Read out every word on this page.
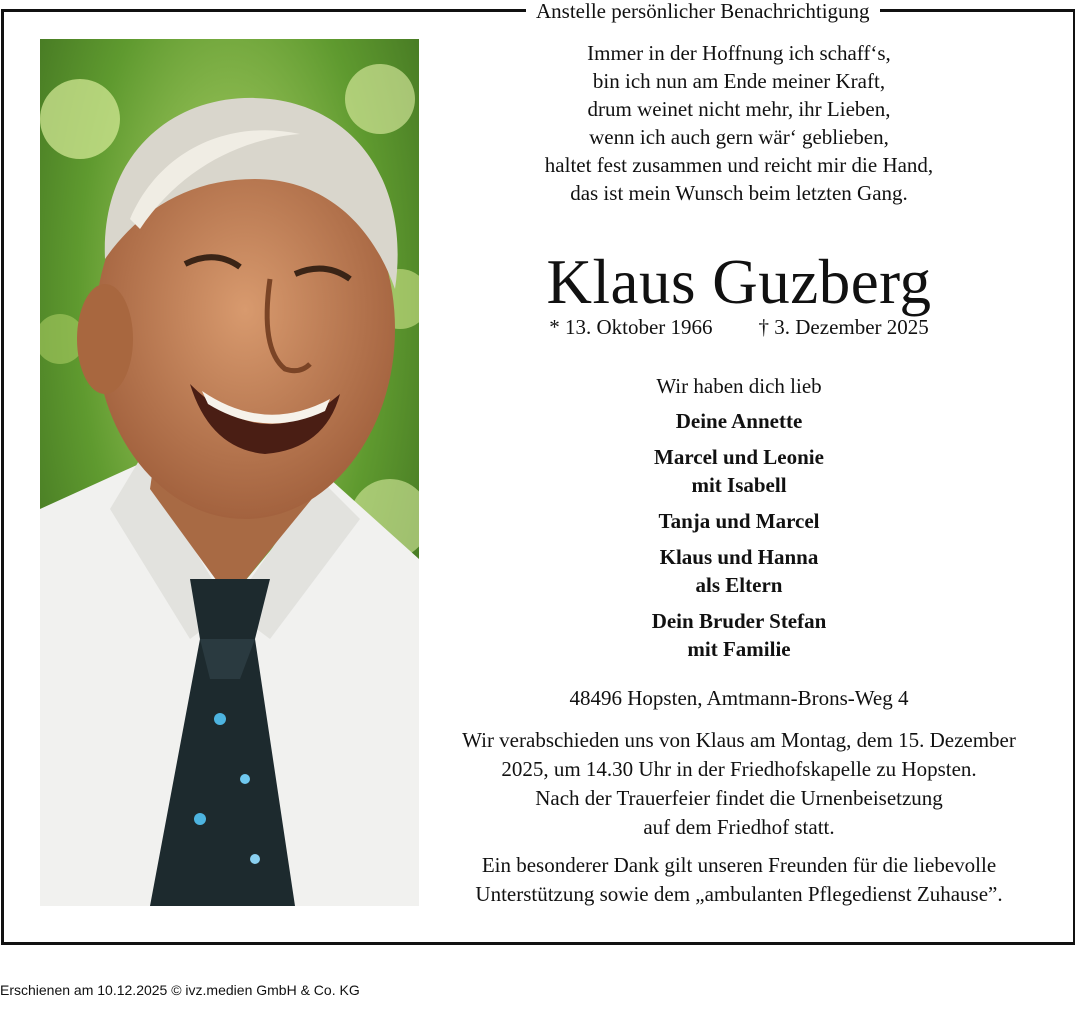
Anstelle persönlicher Benachrichtigung
Immer in der Hoffnung ich schaff‘s,
bin ich nun am Ende meiner Kraft,
drum weinet nicht mehr, ihr Lieben,
wenn ich auch gern wär‘ geblieben,
haltet fest zusammen und reicht mir die Hand,
das ist mein Wunsch beim letzten Gang.
Klaus Guzberg
* 13. Oktober 1966 † 3. Dezember 2025
Wir haben dich lieb
Deine Annette
Marcel und Leonie
mit Isabell
Tanja und Marcel
Klaus und Hanna
als Eltern
Dein Bruder Stefan
mit Familie
48496 Hopsten, Amtmann-Brons-Weg 4
Wir verabschieden uns von Klaus am Montag, dem 15. Dezember
2025, um 14.30 Uhr in der Friedhofskapelle zu Hopsten.
Nach der Trauerfeier findet die Urnenbeisetzung
auf dem Friedhof statt.
Ein besonderer Dank gilt unseren Freunden für die liebevolle
Unterstützung sowie dem „ambulanten Pflegedienst Zuhause”.
Erschienen am 10.12.2025 © ivz.medien GmbH & Co. KG
